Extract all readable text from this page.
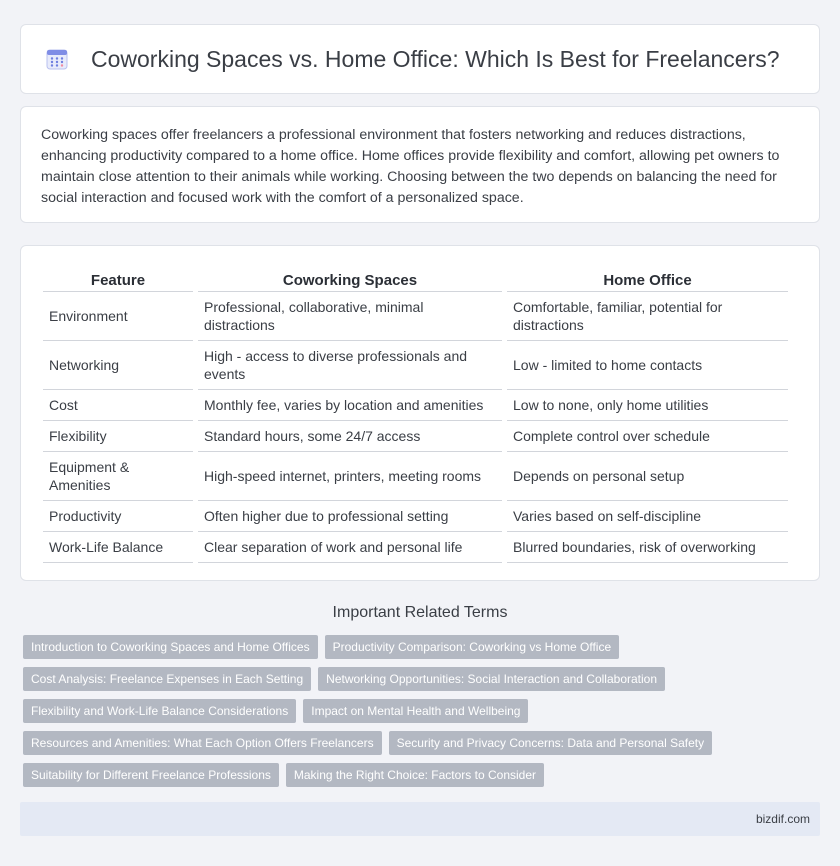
Coworking Spaces vs. Home Office: Which Is Best for Freelancers?

Coworking spaces offer freelancers a professional environment that fosters networking and reduces distractions, enhancing productivity compared to a home office. Home offices provide flexibility and comfort, allowing pet owners to maintain close attention to their animals while working. Choosing between the two depends on balancing the need for social interaction and focused work with the comfort of a personalized space.

Feature	Coworking Spaces	Home Office
Environment	Professional, collaborative, minimal distractions	Comfortable, familiar, potential for distractions
Networking	High - access to diverse professionals and events	Low - limited to home contacts
Cost	Monthly fee, varies by location and amenities	Low to none, only home utilities
Flexibility	Standard hours, some 24/7 access	Complete control over schedule
Equipment & Amenities	High-speed internet, printers, meeting rooms	Depends on personal setup
Productivity	Often higher due to professional setting	Varies based on self-discipline
Work-Life Balance	Clear separation of work and personal life	Blurred boundaries, risk of overworking
Important Related Terms
Introduction to Coworking Spaces and Home Offices	Productivity Comparison: Coworking vs Home Office
Cost Analysis: Freelance Expenses in Each Setting	Networking Opportunities: Social Interaction and Collaboration
Flexibility and Work-Life Balance Considerations	Impact on Mental Health and Wellbeing
Resources and Amenities: What Each Option Offers Freelancers	Security and Privacy Concerns: Data and Personal Safety
Suitability for Different Freelance Professions	Making the Right Choice: Factors to Consider
bizdif.com
